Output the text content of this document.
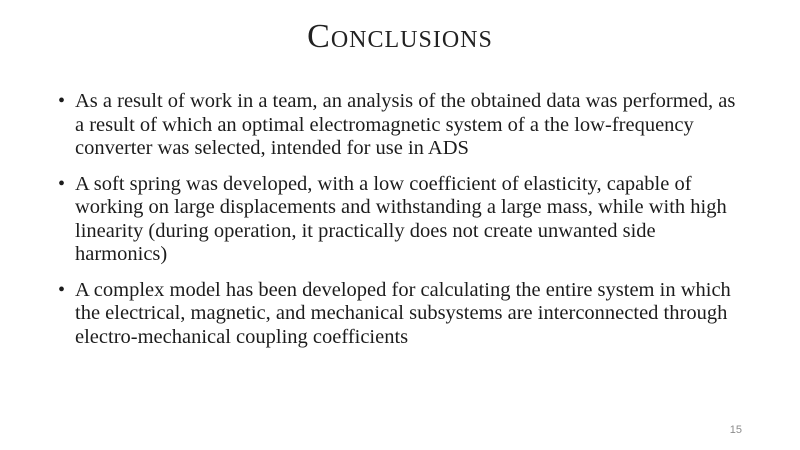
Conclusions
• As a result of work in a team, an analysis of the obtained data was performed, as a result of which an optimal electromagnetic system of a the low-frequency converter was selected, intended for use in ADS
• A soft spring was developed, with a low coefficient of elasticity, capable of working on large displacements and withstanding a large mass, while with high linearity (during operation, it practically does not create unwanted side harmonics)
• A complex model has been developed for calculating the entire system in which the electrical, magnetic, and mechanical subsystems are interconnected through electro-mechanical coupling coefficients
15
